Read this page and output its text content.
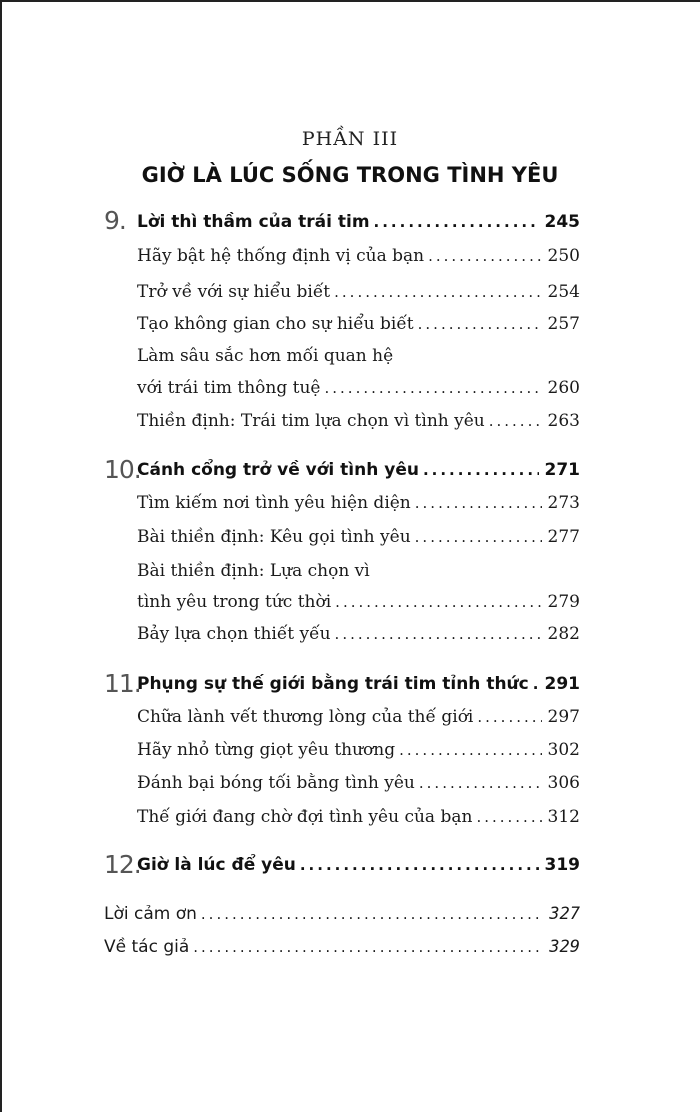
PHẦN III
GIỜ LÀ LÚC SỐNG TRONG TÌNH YÊU
9. Lời thì thầm của trái tim .....	245
Hãy bật hệ thống định vị của bạn .....	250
Trở về với sự hiểu biết .....	254
Tạo không gian cho sự hiểu biết .....	257
Làm sâu sắc hơn mối quan hệ
với trái tim thông tuệ .....	260
Thiền định: Trái tim lựa chọn vì tình yêu .....	263
10.
Cánh cổng trở về với tình yêu .....	271
Tìm kiếm nơi tình yêu hiện diện .....	273
Bài thiền định: Kêu gọi tình yêu .....	277
Bài thiền định: Lựa chọn vì
tình yêu trong tức thời .....	279
Bảy lựa chọn thiết yếu .....	282
11.
Phụng sự thế giới bằng trái tim tỉnh thức ..... 291
Chữa lành vết thương lòng của thế giới .....	297
Hãy nhỏ từng giọt yêu thương .....	302
Đánh bại bóng tối bằng tình yêu .....	306
Thế giới đang chờ đợi tình yêu của bạn .....	312
12.
Giờ là lúc để yêu .....	319
Lời cảm ơn .....	327
Về tác giả .....	329
